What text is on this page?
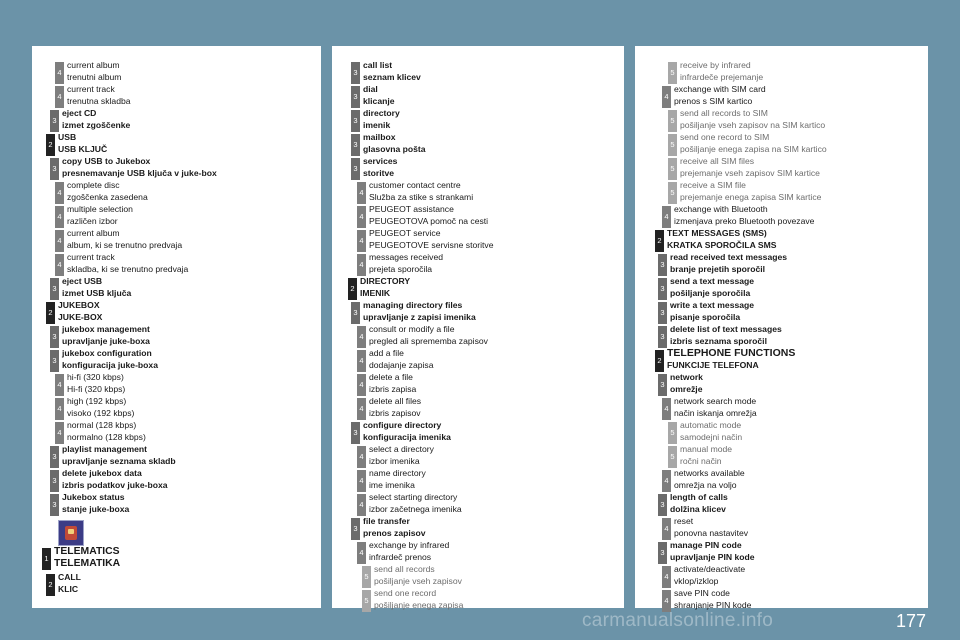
4
current album
trenutni album
4
current track
trenutna skladba
3
eject CD
izmet zgoščenke
2
USB
USB KLJUČ
3
copy USB to Jukebox
presnemavanje USB ključa v juke-box
4
complete disc
zgoščenka zasedena
4
multiple selection
različen izbor
4
current album
album, ki se trenutno predvaja
4
current track
skladba, ki se trenutno predvaja
3
eject USB
izmet USB ključa
2
JUKEBOX
JUKE-BOX
3
jukebox management
upravljanje juke-boxa
3
jukebox configuration
konfiguracija juke-boxa
4
hi-fi (320 kbps)
Hi-fi (320 kbps)
4
high (192 kbps)
visoko (192 kbps)
4
normal (128 kbps)
normalno (128 kbps)
3
playlist management
upravljanje seznama skladb
3
delete jukebox data
izbris podatkov juke-boxa
3
Jukebox status
stanje juke-boxa
1
TELEMATICS
TELEMATIKA
2
CALL
KLIC
3
call list
seznam klicev
3
dial
klicanje
3
directory
imenik
3
mailbox
glasovna pošta
3
services
storitve
4
customer contact centre
Služba za stike s strankami
4
PEUGEOT assistance
PEUGEOTOVA pomoč na cesti
4
PEUGEOT service
PEUGEOTOVE servisne storitve
4
messages received
prejeta sporočila
2
DIRECTORY
IMENIK
3
managing directory files
upravljanje z zapisi imenika
4
consult or modify a file
pregled ali sprememba zapisov
4
add a file
dodajanje zapisa
4
delete a file
izbris zapisa
4
delete all files
izbris zapisov
3
configure directory
konfiguracija imenika
4
select a directory
izbor imenika
4
name directory
ime imenika
4
select starting directory
izbor začetnega imenika
3
file transfer
prenos zapisov
4
exchange by infrared
infrardeč prenos
5
send all records
pošiljanje vseh zapisov
5
send one record
pošiljanje enega zapisa
5
receive by infrared
infrardeče prejemanje
4
exchange with SIM card
prenos s SIM kartico
5
send all records to SIM
pošiljanje vseh zapisov na SIM kartico
5
send one record to SIM
pošiljanje enega zapisa na SIM kartico
5
receive all SIM files
prejemanje vseh zapisov SIM kartice
5
receive a SIM file
prejemanje enega zapisa SIM kartice
4
exchange with Bluetooth
izmenjava preko Bluetooth povezave
2
TEXT MESSAGES (SMS)
KRATKA SPOROČILA SMS
3
read received text messages
branje prejetih sporočil
3
send a text message
pošiljanje sporočila
3
write a text message
pisanje sporočila
3
delete list of text messages
izbris seznama sporočil
2
TELEPHONE FUNCTIONS
FUNKCIJE TELEFONA
3
network
omrežje
4
network search mode
način iskanja omrežja
5
automatic mode
samodejni način
5
manual mode
ročni način
4
networks available
omrežja na voljo
3
length of calls
dolžina klicev
4
reset
ponovna nastavitev
3
manage PIN code
upravljanje PIN kode
4
activate/deactivate
vklop/izklop
4
save PIN code
shranjanje PIN kode
177
carmanualsonline.info
